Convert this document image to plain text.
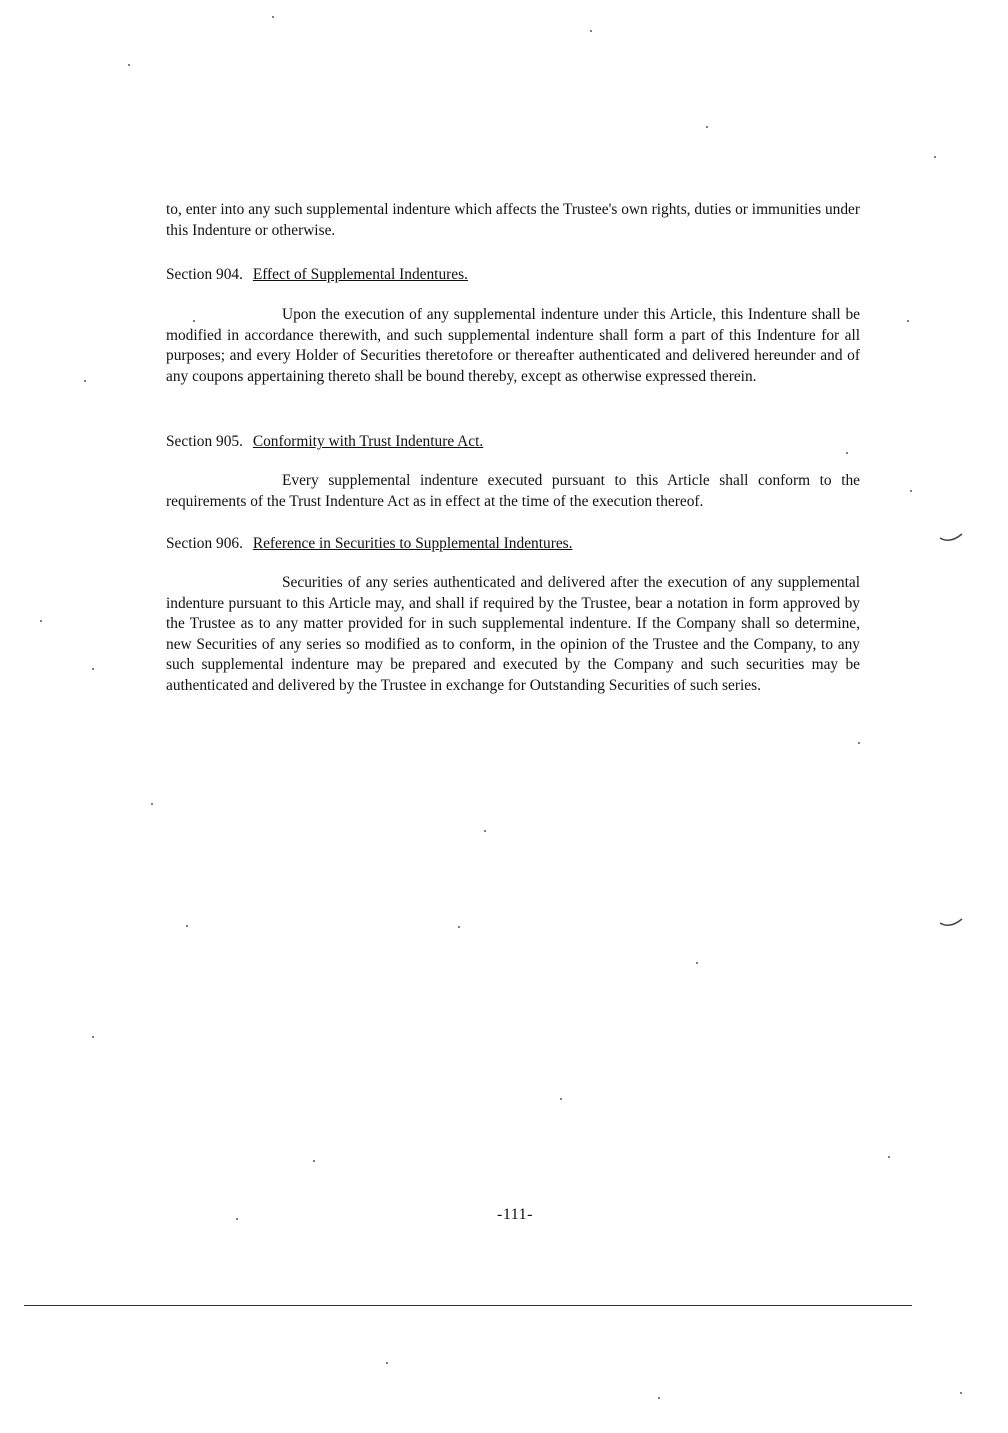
to, enter into any such supplemental indenture which affects the Trustee's own rights, duties or immunities under this Indenture or otherwise.
Section 904. Effect of Supplemental Indentures.
Upon the execution of any supplemental indenture under this Article, this Indenture shall be modified in accordance therewith, and such supplemental indenture shall form a part of this Indenture for all purposes; and every Holder of Securities theretofore or thereafter authenticated and delivered hereunder and of any coupons appertaining thereto shall be bound thereby, except as otherwise expressed therein.
Section 905. Conformity with Trust Indenture Act.
Every supplemental indenture executed pursuant to this Article shall conform to the requirements of the Trust Indenture Act as in effect at the time of the execution thereof.
Section 906. Reference in Securities to Supplemental Indentures.
Securities of any series authenticated and delivered after the execution of any supplemental indenture pursuant to this Article may, and shall if required by the Trustee, bear a notation in form approved by the Trustee as to any matter provided for in such supplemental indenture. If the Company shall so determine, new Securities of any series so modified as to conform, in the opinion of the Trustee and the Company, to any such supplemental indenture may be prepared and executed by the Company and such securities may be authenticated and delivered by the Trustee in exchange for Outstanding Securities of such series.
-111-
